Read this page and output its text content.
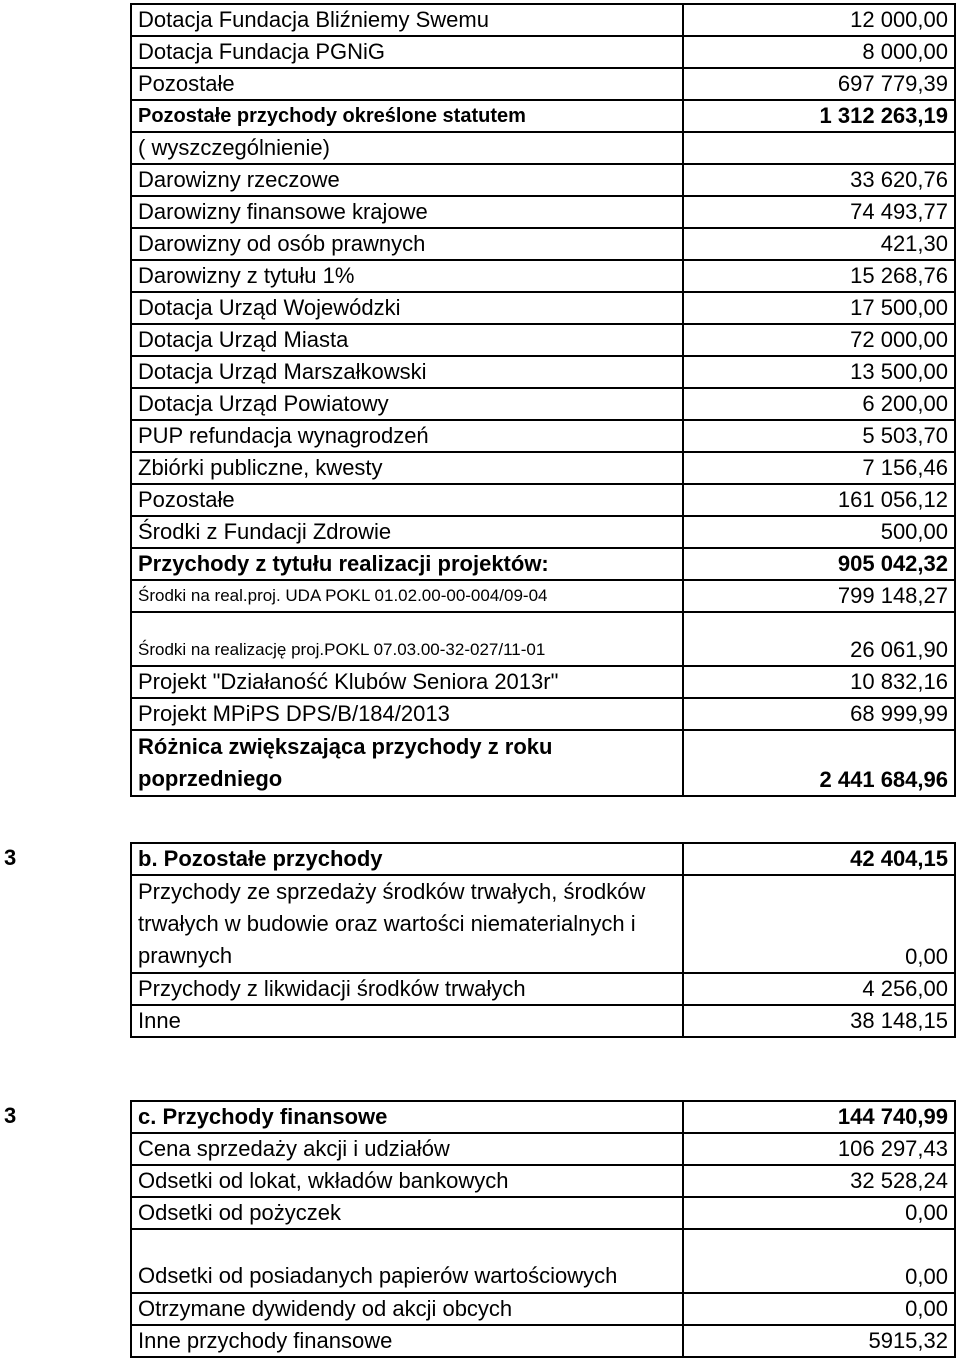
Dotacja Fundacja Bliźniemy Swemu	12 000,00
Dotacja Fundacja PGNiG	8 000,00
Pozostałe	697 779,39
Pozostałe przychody określone statutem	1 312 263,19
( wyszczególnienie)	
Darowizny rzeczowe	33 620,76
Darowizny finansowe krajowe	74 493,77
Darowizny od osób prawnych	421,30
Darowizny z tytułu 1%	15 268,76
Dotacja Urząd Wojewódzki	17 500,00
Dotacja Urząd Miasta	72 000,00
Dotacja Urząd Marszałkowski	13 500,00
Dotacja Urząd Powiatowy	6 200,00
PUP refundacja wynagrodzeń	5 503,70
Zbiórki publiczne, kwesty	7 156,46
Pozostałe	161 056,12
Środki z Fundacji Zdrowie	500,00
Przychody z tytułu realizacji projektów:	905 042,32
Środki na real.proj. UDA POKL 01.02.00-00-004/09-04	799 148,27
Środki na realizację proj.POKL 07.03.00-32-027/11-01	26 061,90
Projekt "Działaność Klubów Seniora 2013r"	10 832,16
Projekt MPiPS DPS/B/184/2013	68 999,99
Różnica zwiększająca przychody z roku poprzedniego	2 441 684,96
3	b. Pozostałe przychody	42 404,15
Przychody ze sprzedaży środków trwałych, środków trwałych w budowie oraz wartości niematerialnych i prawnych	0,00
Przychody z likwidacji środków trwałych	4 256,00
Inne	38 148,15
3	c. Przychody finansowe	144 740,99
Cena sprzedaży akcji i udziałów	106 297,43
Odsetki od lokat, wkładów bankowych	32 528,24
Odsetki od pożyczek	0,00
Odsetki od posiadanych papierów wartościowych	0,00
Otrzymane dywidendy od akcji obcych	0,00
Inne przychody finansowe	5915,32
